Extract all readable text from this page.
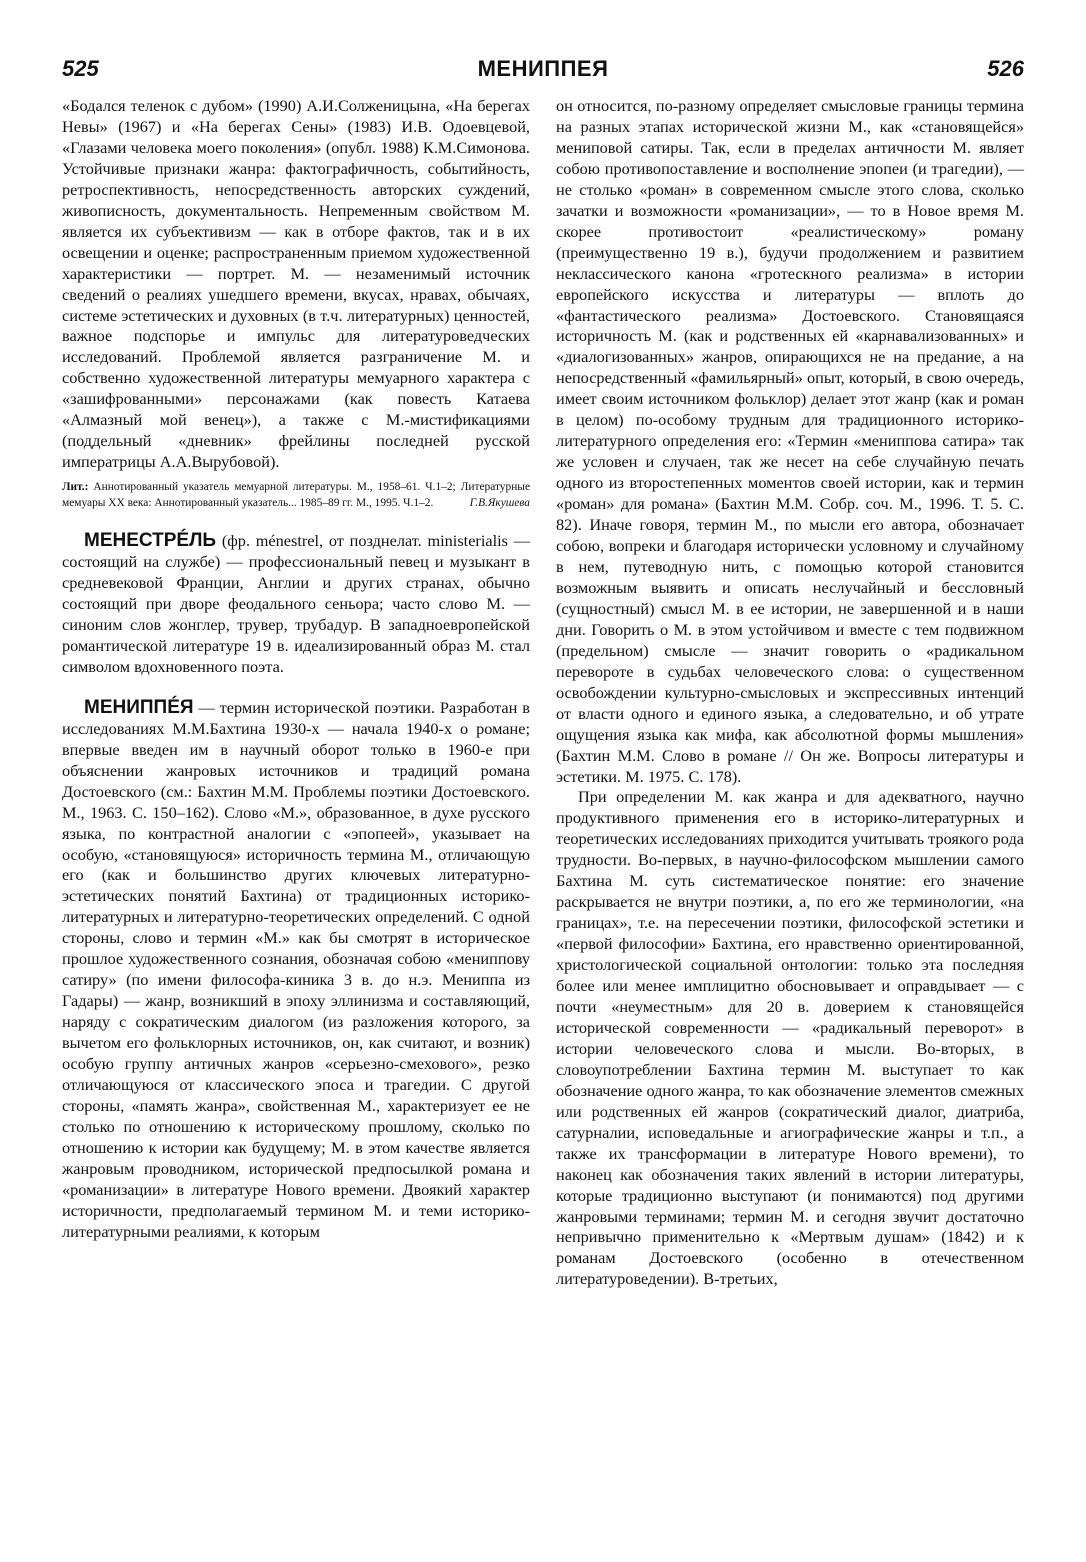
525	МЕНИППЕЯ	526

«Бодался теленок с дубом» (1990) А.И.Солженицына, «На берегах Невы» (1967) и «На берегах Сены» (1983) И.В. Одоевцевой, «Глазами человека моего поколения» (опубл. 1988) К.М.Симонова. Устойчивые признаки жанра: фактографичность, событийность, ретроспективность, непосредственность авторских суждений, живописность, документальность. Непременным свойством М. является их субъективизм — как в отборе фактов, так и в их освещении и оценке; распространенным приемом художественной характеристики — портрет. М. — незаменимый источник сведений о реалиях ушедшего времени, вкусах, нравах, обычаях, системе эстетических и духовных (в т.ч. литературных) ценностей, важное подспорье и импульс для литературоведческих исследований. Проблемой является разграничение М. и собственно художественной литературы мемуарного характера с «зашифрованными» персонажами (как повесть Катаева «Алмазный мой венец»), а также с М.-мистификациями (поддельный «дневник» фрейлины последней русской императрицы А.А.Вырубовой).

Лит.: Аннотированный указатель мемуарной литературы. М., 1958–61. Ч.1–2; Литературные мемуары XX века: Аннотированный указатель... 1985–89 гг. М., 1995. Ч.1–2.	Г.В.Якушева

МЕНЕСТРÉЛЬ (фр. ménestrel, от позднелат. ministerialis — состоящий на службе) — профессиональный певец и музыкант в средневековой Франции, Англии и других странах, обычно состоящий при дворе феодального сеньора; часто слово М. — синоним слов жонглер, трувер, трубадур. В западноевропейской романтической литературе 19 в. идеализированный образ М. стал символом вдохновенного поэта.

МЕНИППÉЯ — термин исторической поэтики. Разработан в исследованиях М.М.Бахтина 1930-х — начала 1940-х о романе; впервые введен им в научный оборот только в 1960-е при объяснении жанровых источников и традиций романа Достоевского (см.: Бахтин М.М. Проблемы поэтики Достоевского. М., 1963. С. 150–162). Слово «М.», образованное, в духе русского языка, по контрастной аналогии с «эпопеей», указывает на особую, «становящуюся» историчность термина М., отличающую его (как и большинство других ключевых литературно-эстетических понятий Бахтина) от традиционных историко-литературных и литературно-теоретических определений. С одной стороны, слово и термин «М.» как бы смотрят в историческое прошлое художественного сознания, обозначая собою «мениппову сатиру» (по имени философа-киника 3 в. до н.э. Мениппа из Гадары) — жанр, возникший в эпоху эллинизма и составляющий, наряду с сократическим диалогом (из разложения которого, за вычетом его фольклорных источников, он, как считают, и возник) особую группу античных жанров «серьезно-смехового», резко отличающуюся от классического эпоса и трагедии. С другой стороны, «память жанра», свойственная М., характеризует ее не столько по отношению к историческому прошлому, сколько по отношению к истории как будущему; М. в этом качестве является жанровым проводником, исторической предпосылкой романа и «романизации» в литературе Нового времени. Двоякий характер историчности, предполагаемый термином М. и теми историко-литературными реалиями, к которым

он относится, по-разному определяет смысловые границы термина на разных этапах исторической жизни М., как «становящейся» мениповой сатиры. Так, если в пределах античности М. являет собою противопоставление и восполнение эпопеи (и трагедии), — не столько «роман» в современном смысле этого слова, сколько зачатки и возможности «романизации», — то в Новое время М. скорее противостоит «реалистическому» роману (преимущественно 19 в.), будучи продолжением и развитием неклассического канона «гротескного реализма» в истории европейского искусства и литературы — вплоть до «фантастического реализма» Достоевского. Становящаяся историчность М. (как и родственных ей «карнавализованных» и «диалогизованных» жанров, опирающихся не на предание, а на непосредственный «фамильярный» опыт, который, в свою очередь, имеет своим источником фольклор) делает этот жанр (как и роман в целом) по-особому трудным для традиционного историко-литературного определения его: «Термин «мениппова сатира» так же условен и случаен, так же несет на себе случайную печать одного из второстепенных моментов своей истории, как и термин «роман» для романа» (Бахтин М.М. Собр. соч. М., 1996. Т. 5. С. 82). Иначе говоря, термин М., по мысли его автора, обозначает собою, вопреки и благодаря исторически условному и случайному в нем, путеводную нить, с помощью которой становится возможным выявить и описать неслучайный и бессловный (сущностный) смысл М. в ее истории, не завершенной и в наши дни. Говорить о М. в этом устойчивом и вместе с тем подвижном (предельном) смысле — значит говорить о «радикальном перевороте в судьбах человеческого слова: о существенном освобождении культурно-смысловых и экспрессивных интенций от власти одного и единого языка, а следовательно, и об утрате ощущения языка как мифа, как абсолютной формы мышления» (Бахтин М.М. Слово в романе // Он же. Вопросы литературы и эстетики. М. 1975. С. 178).

При определении М. как жанра и для адекватного, научно продуктивного применения его в историко-литературных и теоретических исследованиях приходится учитывать троякого рода трудности. Во-первых, в научно-философском мышлении самого Бахтина М. суть систематическое понятие: его значение раскрывается не внутри поэтики, а, по его же терминологии, «на границах», т.е. на пересечении поэтики, философской эстетики и «первой философии» Бахтина, его нравственно ориентированной, христологической социальной онтологии: только эта последняя более или менее имплицитно обосновывает и оправдывает — с почти «неуместным» для 20 в. доверием к становящейся исторической современности — «радикальный переворот» в истории человеческого слова и мысли. Во-вторых, в словоупотреблении Бахтина термин М. выступает то как обозначение одного жанра, то как обозначение элементов смежных или родственных ей жанров (сократический диалог, диатриба, сатурналии, исповедальные и агиографические жанры и т.п., а также их трансформации в литературе Нового времени), то наконец как обозначения таких явлений в истории литературы, которые традиционно выступают (и понимаются) под другими жанровыми терминами; термин М. и сегодня звучит достаточно непривычно применительно к «Мертвым душам» (1842) и к романам Достоевского (особенно в отечественном литературоведении). В-третьих,
